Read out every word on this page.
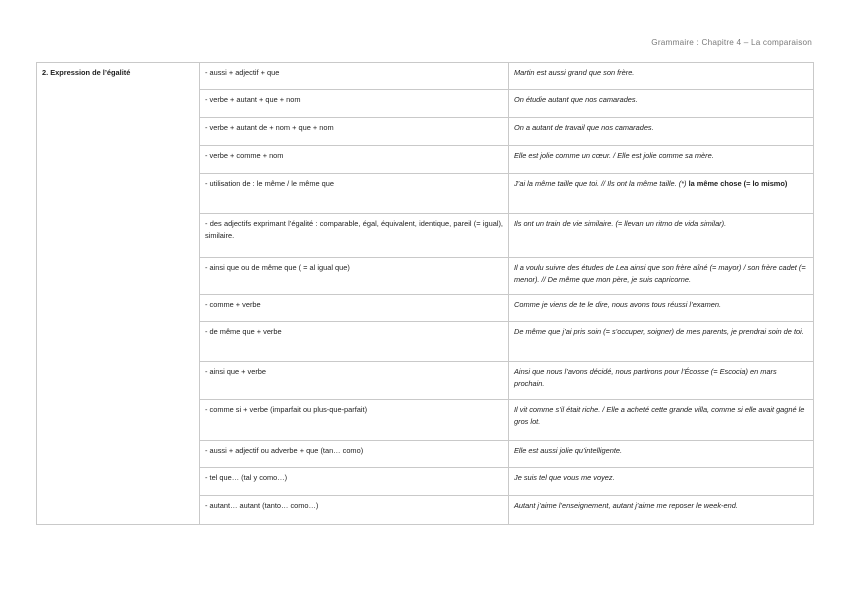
Grammaire : Chapitre 4 – La comparaison
2. Expression de l’égalité	- aussi + adjectif + que	Martin est aussi grand que son frère.
	- verbe + autant + que + nom	On étudie autant que nos camarades.
	- verbe + autant de + nom + que + nom	On a autant de travail que nos camarades.
	- verbe + comme + nom	Elle est jolie comme un cœur. / Elle est jolie comme sa mère.
	- utilisation de : le même / le même que	J’ai la même taille que toi. // Ils ont la même taille. (*) la même chose (= lo mismo)
	- des adjectifs exprimant l’égalité : comparable, égal, équivalent, identique, pareil (= igual), similaire.	Ils ont un train de vie similaire. (= llevan un ritmo de vida similar).
	- ainsi que ou de même que ( = al igual que)	Il a voulu suivre des études de Lea ainsi que son frère aîné (= mayor) / son frère cadet (= menor). // De même que mon père, je suis capricorne.
	- comme + verbe	Comme je viens de te le dire, nous avons tous réussi l’examen.
	- de même que + verbe	De même que j’ai pris soin (= s’occuper, soigner) de mes parents, je prendrai soin de toi.
	- ainsi que + verbe	Ainsi que nous l’avons décidé, nous partirons pour l’Écosse (= Escocia) en mars prochain.
	- comme si + verbe (imparfait ou plus-que-parfait)	Il vit comme s’il était riche. / Elle a acheté cette grande villa, comme si elle avait gagné le gros lot.
	- aussi + adjectif ou adverbe + que (tan… como)	Elle est aussi jolie qu’intelligente.
	- tel que… (tal y como…)	Je suis tel que vous me voyez.
	- autant… autant (tanto… como…)	Autant j’aime l’enseignement, autant j’aime me reposer le week-end.
